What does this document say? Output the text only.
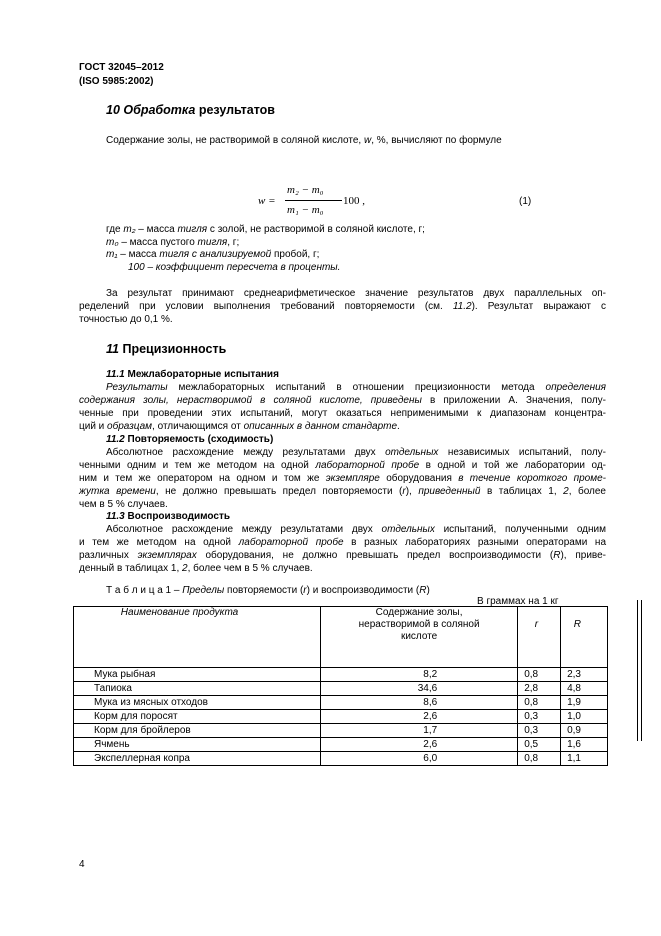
ГОСТ 32045–2012
(ISO 5985:2002)
10 Обработка результатов
Содержание золы, не растворимой в соляной кислоте, w, %, вычисляют по формуле
w =
m₂ − m₀
m₁ − m₀
100 ,	(1)
где m₂ – масса тигля с золой, не растворимой в соляной кислоте, г;
m₀ – масса пустого тигля, г;
m₁ – масса тигля с анализируемой пробой, г;
100 – коэффициент пересчета в проценты.
За результат принимают среднеарифметическое значение результатов двух параллельных оп-
ределений при условии выполнения требований повторяемости (см. 11.2). Результат выражают с
точностью до 0,1 %.
11 Прецизионность
11.1 Межлабораторные испытания
Результаты межлабораторных испытаний в отношении прецизионности метода определения
содержания золы, нерастворимой в соляной кислоте, приведены в приложении А. Значения, полу-
ченные при проведении этих испытаний, могут оказаться неприменимыми к диапазонам концентра-
ций и образцам, отличающимся от описанных в данном стандарте.
11.2 Повторяемость (сходимость)
Абсолютное расхождение между результатами двух отдельных независимых испытаний, полу-
ченными одним и тем же методом на одной лабораторной пробе в одной и той же лаборатории од-
ним и тем же оператором на одном и том же экземпляре оборудования в течение короткого проме-
жутка времени, не должно превышать предел повторяемости (r), приведенный в таблицах 1, 2, более
чем в 5 % случаев.
11.3 Воспроизводимость
Абсолютное расхождение между результатами двух отдельных испытаний, полученными одним
и тем же методом на одной лабораторной пробе в разных лабораториях разными операторами на
различных экземплярах оборудования, не должно превышать предел воспроизводимости (R), приве-
денный в таблицах 1, 2, более чем в 5 % случаев.
Т а б л и ц а 1 – Пределы повторяемости (r) и воспроизводимости (R)
В граммах на 1 кг
Наименование продукта	Содержание золы, нерастворимой в соляной кислоте	r	R
Мука рыбная	8,2	0,8	2,3
Тапиока	34,6	2,8	4,8
Мука из мясных отходов	8,6	0,8	1,9
Корм для поросят	2,6	0,3	1,0
Корм для бройлеров	1,7	0,3	0,9
Ячмень	2,6	0,5	1,6
Экспеллерная копра	6,0	0,8	1,1
4
